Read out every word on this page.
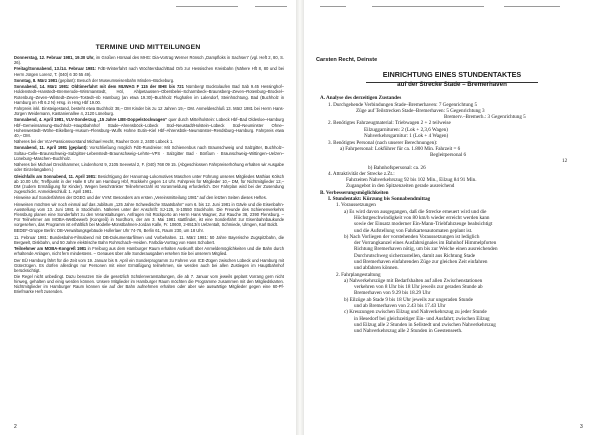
TERMINE UND MITTEILUNGEN
Donnerstag, 12. Februar 1981, 19.30 Uhr, im Großen Hörsaal des MHG: Dia-Vortrag Werner Rönsch „Dampfloks in Sachsen“ (vgl. Heft 2, 80, S. 26).
Freitag/Sonnabend, 13./14. Februar 1981: FdE-Winterfahrt nach Wöchtersbach/Bad Orb zur Hessischen Kreisbahn (Nähere Hft 8, 80 und bei Herrn Jürgen Lorenz, T. (040) 6 30 55 49).
Sonntag, 8. März 1981 (geplant): Besuch der Museumseisenbahn Minden–Bückeburg.
Sonnabend, 14. März 1981: Oldtimerfahrt mit dem MUWAG F 115 der BHE bis 721 Nürnberg! Bocktolaufen Bad Sab 9.45 Hessinghof–Holdenstedt–Hanstedt–Bremerode–Wirsmanstedt, Höl, Ahlpetaussen–Obersbelei–Scharmbeck–Braunsberg–Zeven–Rotenburg–Brockel–Rotenburg–Zeven–Wilstedt–Zeven–Tostedt–nb Hamburg (an etwa 19.30)–Buchholz Flughafen im Lalendorf, Steinhöchtung. Bad (Buchholz in Hamburg im Hft 6.2 N) Hrsg. in Hrsg Hbf 19.00.
Fahrpreis inkl. Einsteigestand, besteht etwa Buchholz 38,– DM Kinder bis zu 12 Jahren 19,– DM. Anmeldeschluß 13. März 1981 bei Herrn Hans-Jürgen Weidemann, Kastanienallee 4, 2120 Lüneburg.
Sonnabend, 4. April 1981, VLV-Sonderzug „15 Jahre LBE-Doppelstockwagen“ quer durch Mittelholstein: Lübeck Hbf–Bad Oldesloe–Hamburg Hbf–Gemeinsamung–Buchholz–Hauptbahnhof Stade–Ahrensböck–Lübeck Süd–Neustadt/Holstein–Lübeck Süd–Neuminster Ohne–Hohenwestedt–Wöhe–Eikelberg–Husum–Flensburg–Wulfs Hohne Eutin–Kiel Hbf–Ahrensbök–Neumünster–Rendsburg–Hamburg. Fahrpreis etwa 40,– DM.
Näheres bei der VLV-Passionsvorstand Michael Hecht, Rauher Dorn 2, 2400 Lübeck 1.
Sonnabend, 11. April 1981 (geplant): Vorschließung möglich FdE-Rundreise: Mit Schienenbus nach Braunschweig und Salzgitter, Buchholz–Soltau–Celle–Braunschweig–Salzgitter-Lebenstedt–Braunschweig–Lehrte–VPS · Salzgitter Bad · Börßum · Braunschweig–Wittingen–Uelzen–Lüneburg–Maschen–Buchholz.
Näheres bei Michael Dreckhammer, Lindenhorst 9, 2105 Seevetal 2, F. (040) 768 09 15. (Abgeschlossen Fahrpreiserhöhung erhalten wir Ausgabe oder Einzelangaben.)
Gleichfalls am Sonnabend, 11. April 1981: Besichtigung der Hanomag-Lokomotives Maschen unter Führung unseres Mitgliedes Mathias Kölsch ab 10.00 Uhr, Treffpunkt in der Halle 8 Uhr am Hamburg Hbf, Rückkehr gegen 14 Uhr. Fahrpreis für Mitglieder 10,– DM, für Nichtmitglieder 12,– DM (zudem Ermäßigung für Kinder). Wegen beschränkter Teilnehmerzahl ist Voranmeldung erforderlich. Der Fahrplan wird bei der Zusendung zugeschickt. Anmeldeschluß: 1. April 1981.
Hinweise auf Sonderfahrten der DGEG und der VVM: Besonders am ersten „Vereinsmitteilung 1981“ auf den letzten Seiten dieses Heftes.
Hinweisen möchten wir noch einmal auf das Jubiläum „125 Jahre Schwedische Staatsbahn“ vom 6. bis 12. Juni 1981 in Gävle und die Eisenbahn-Ausstellung vom 13. Juni 1981 in Stockholm. Näheres unter der Anschrift: SJ-125, S-10550 Stockholm. Die Freunde des Schienenverkehrs Flensburg planen eine Sonderfahrt zu den Veranstaltungen. Anfragen mit Rückporto an Herrn Hans Wagner, Zur Rauche 38, 2390 Flensburg. – Für Teilnehmer am MOBA-Wettbewerb (Kongreß) in Nordhorn, der am 3. Mai 1981 stattfindet, ist eine Sonderfahrt zur Eisenbahnbaukunde vorgesehen, das Programm ist erhältlich bei Modelle-Münstbahnen-Jordan Kalle, Fr. 10600, 2-6513/4 Uelzentalt, Schmiede, Ulmgen, Karl Boldt.
BEDEF-Gruppe Berlin: DB-Verwaltungsgebäude Hollerlaer Uhr 74-76, Berlin 61, Raum 230, um 18 Uhr.
11. Februar 1981: Bundesbahn-Filmabend mit DB-Dokumentarfilmen und Vorbehalten. 11. März 1981: 50 Jahre Bayerische Zugspitzbahn, die Bergwelt, Diskbahn, und 50 Jahre elektrische Bahn Rohrschach–Heiden. Farbdia-Vortrag von Hans Schobert.
Teilnehmer am MOBA-Kongreß 1981 in Freiburg aus dem Hamburger Raum erhalten Auskunft über Anmeldemöglichkeiten und die Bahn durch erhaltende Anlagen, nicht fern mindestens. – Genaues über alle Sonderausgaben ersehen Sie bei unserem Mitglied.
Der BÜ Hamburg fährt für die Zeit vom 19. Januar bis 9. April ein Sonderprogramm zu Fahren von ICE-Zügen zwischen Lübeck und Hamburg mit Güterzügen. Es dürfen allerdings nur Personen mit einer Ermäßigung teilnehmen, sie werden auch bei allen Zustiegen im Hauptbahnhof berücksichtigt.
Die Regel nicht unbedingt. Dazu benutzen Sie die gesetzlich Schülerveranstaltungen, die ab 7. Januar vom jeweils geplant Vorrang gern nicht hinweg, gehalten und einig werden können. Unsere Mitglieder im Hamburger Raum möchten die Programme zusammen mit den Mitgliedskarten. Nichtmitglieder im Hamburger Raum können sie auf der Bahn aufnehmen erhalten oder aber wie auswärtige Mitglieder gegen eine 60-Pf-Briefmarke Heft zusenden.
2
Carsten Recht, Deinste
EINRICHTUNG EINES STUNDENTAKTES
auf der Strecke Stade – Bremerhaven
A. Analyse des derzeitigen Zustandes
1. Durchgehende Verbindungen Stade–Bremerhaven: 7 Gegenrichtung 5
Züge auf Teilstrecken Stade–Bremerhaven: 5 Gegenrichtung 3
Bremerv.–Bremerh.: 3 Gegenrichtung 5
2. Benötigtes Fahrzeugmaterial: Triebwagen 2 + 2 teilweise
Eilzuggarnituren: 2 (Lok + 2,3,6 Wagen)
Nahverkehrsgarnitur: 1 (Lok + 4 Wagen)
3. Benötigtes Personal (nach unserer Berechnungen):
a) Fahrpersonal: Lokführer für ca. 1.800 Min. Fahrzeit = 6
Begleitpersonal 6
12
b) Bahnhofspersonal: ca. 26
4. Attraktivität der Strecke z.Zt.:
Fahrzeiten Nahverkehrszug 92 bis 102 Min., Eilzug 84 91 Min.
Zugangebot in den Spitzenzeiten gerade ausreichend
B. Verbesserungsmöglichkeiten
I. Stundentakt: Kürzung bis Sonnabendmittag
1. Voraussetzungen
a) Es wird davon ausgegangen, daß die Strecke erneuert wird und die
Höchstgeschwindigkeit von 80 km/h wieder erreicht werden kann
sowie der Einsatz moderner Ein-Mann-Triebfahrzeuge beabsichtigt
und die Aufstellung von Fahrkartenautomaten geplant ist.
b) Nach Vorliegen der vorstehenden Voraussetzungen ist lediglich
der Vorrangkanzel eines Ausfahrsignales im Bahnhof Himmelpforten
Richtung Bremerhaven nötig, um bis zur Weiche einen ausreichenden
Durchrutschweg sicherzustellen, damit aus Richtung Stade
und Bremerhaven einfahrenden Züge zur gleichen Zeit einfahren
und abfahren können.
2. Fahrplangestaltung
a) Nahverkehrszüge mit Bedarfshalten auf allen Zwischenstationen
verkehren von 8 Uhr bis 18 Uhr jeweils zur geraden Stunde ab
Bremerhaven von 9.29 bis 18.29 Uhr
b) Eilzüge ab Stade 9 bis 18 Uhr jeweils zur ungeraden Stunde
und ab Bremerhaven von 2.43 bis 17.43 Uhr
c) Kreuzungen zwischen Eilzug und Nahverkehrszug zu jeder Stunde
in Hesedorf bei gleichzeitiger Ein- und Ausfahrt; zwischen Eilzug
und Eilzug alle 2 Stunden in Sellstedt und zwischen Nahverkehrszug
und Nahverkehrszug alle 2 Stunden in Geestenseeth.
3
